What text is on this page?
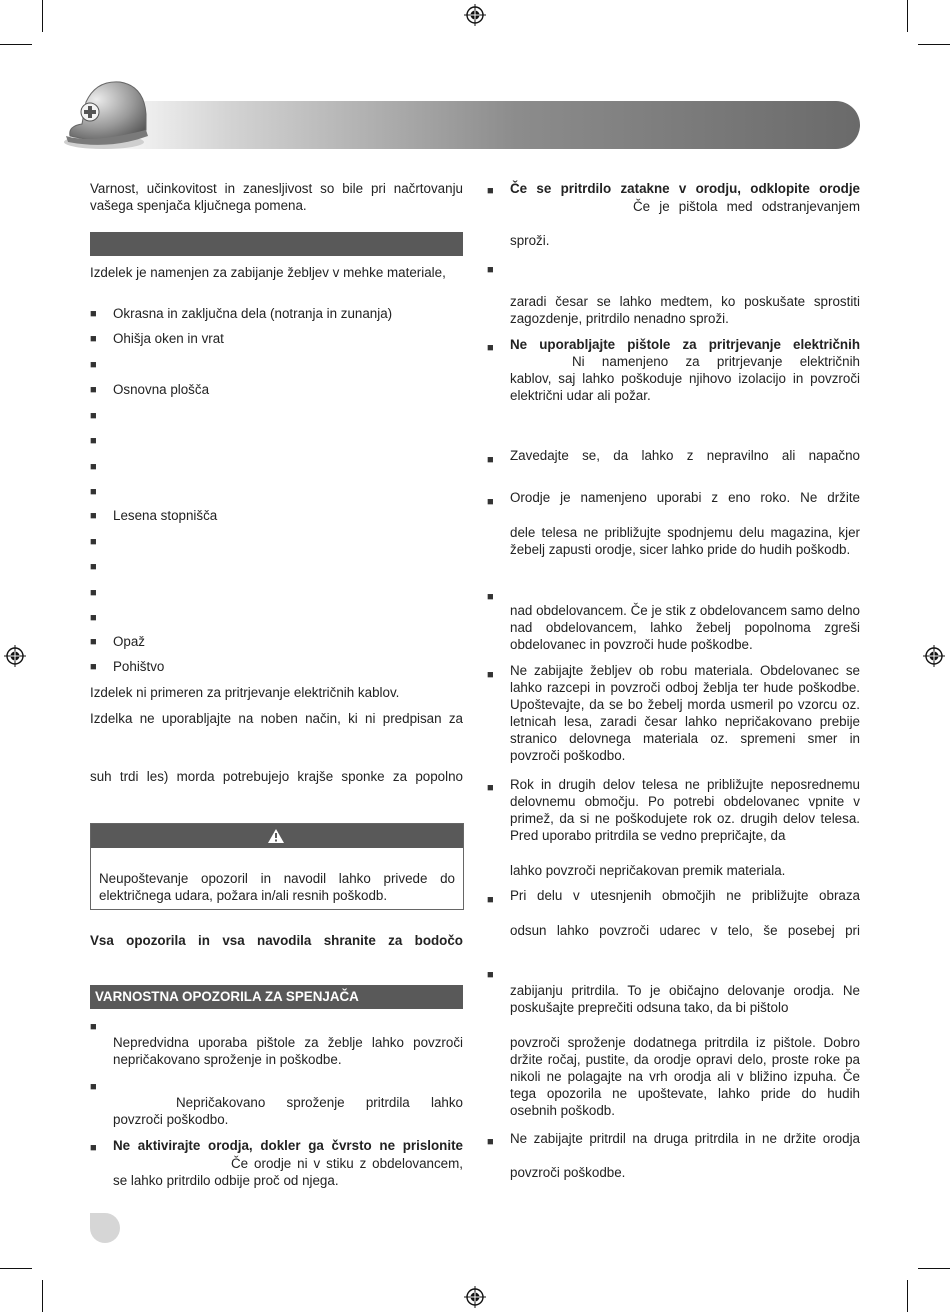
Varnost, učinkovitost in zanesljivost so bile pri načrtovanju vašega spenjača ključnega pomena.

Izdelek je namenjen za zabijanje žebljev v mehke materiale,

■ Okrasna in zaključna dela (notranja in zunanja)
■ Ohišja oken in vrat
■
■ Osnovna plošča
■
■
■
■
■ Lesena stopnišča
■
■
■
■
■ Opaž
■ Pohištvo

Izdelek ni primeren za pritrjevanje električnih kablov.

Izdelka ne uporabljajte na noben način, ki ni predpisan za

suh trdi les) morda potrebujejo krajše sponke za popolno

Neupoštevanje opozoril in navodil lahko privede do električnega udara, požara in/ali resnih poškodb.

Vsa opozorila in vsa navodila shranite za bodočo

VARNOSTNA OPOZORILA ZA SPENJAČA
■

Nepredvidna uporaba pištole za žeblje lahko povzroči nepričakovano sproženje in poškodbe.

■

Nepričakovano sproženje pritrdila lahko

povzroči poškodbo.

■ Ne aktivirajte orodja, dokler ga čvrsto ne prislonite

Če orodje ni v stiku z obdelovancem,

se lahko pritrdilo odbije proč od njega.

■ Če se pritrdilo zatakne v orodju, odklopite orodje

Če je pištola med odstranjevanjem

sproži.

■

zaradi česar se lahko medtem, ko poskušate sprostiti zagozdenje, pritrdilo nenadno sproži.

■ Ne uporabljajte pištole za pritrjevanje električnih

Ni namenjeno za pritrjevanje električnih

kablov, saj lahko poškoduje njihovo izolacijo in povzroči električni udar ali požar.

■ Zavedajte se, da lahko z nepravilno ali napačno

■ Orodje je namenjeno uporabi z eno roko. Ne držite

dele telesa ne približujte spodnjemu delu magazina, kjer žebelj zapusti orodje, sicer lahko pride do hudih poškodb.

■

nad obdelovancem. Če je stik z obdelovancem samo delno nad obdelovancem, lahko žebelj popolnoma zgreši obdelovanec in povzroči hude poškodbe.

■ Ne zabijajte žebljev ob robu materiala. Obdelovanec se lahko razcepi in povzroči odboj žeblja ter hude poškodbe. Upoštevajte, da se bo žebelj morda usmeril po vzorcu oz. letnicah lesa, zaradi česar lahko nepričakovano prebije stranico delovnega materiala oz. spremeni smer in povzroči poškodbo.

■ Rok in drugih delov telesa ne približujte neposrednemu delovnemu območju. Po potrebi obdelovanec vpnite v primež, da si ne poškodujete rok oz. drugih delov telesa. Pred uporabo pritrdila se vedno prepričajte, da

lahko povzroči nepričakovan premik materiala.

■ Pri delu v utesnjenih območjih ne približujte obraza

odsun lahko povzroči udarec v telo, še posebej pri

■

zabijanju pritrdila. To je običajno delovanje orodja. Ne poskušajte preprečiti odsuna tako, da bi pištolo

povzroči sproženje dodatnega pritrdila iz pištole. Dobro držite ročaj, pustite, da orodje opravi delo, proste roke pa nikoli ne polagajte na vrh orodja ali v bližino izpuha. Če tega opozorila ne upoštevate, lahko pride do hudih osebnih poškodb.

■ Ne zabijajte pritrdil na druga pritrdila in ne držite orodja

povzroči poškodbe.
